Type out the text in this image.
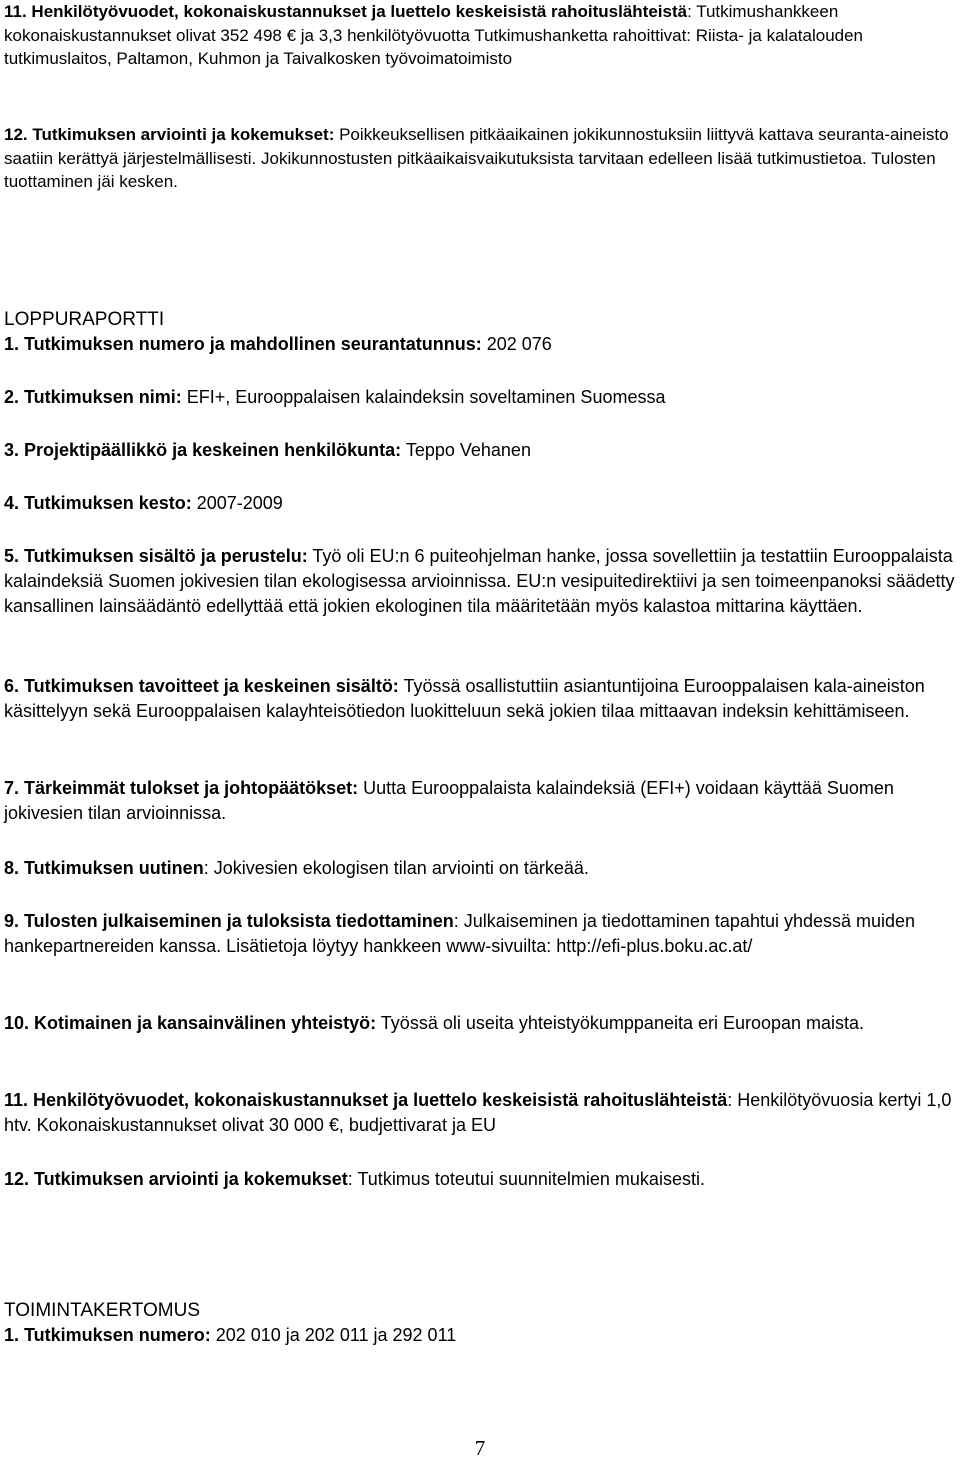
11. Henkilötyövuodet, kokonaiskustannukset ja luettelo keskeisistä rahoituslähteistä: Tutkimushankkeen kokonaiskustannukset olivat 352 498 € ja 3,3 henkilötyövuotta Tutkimushanketta rahoittivat: Riista- ja kalatalouden tutkimuslaitos, Paltamon, Kuhmon ja Taivalkosken työvoimatoimisto

12. Tutkimuksen arviointi ja kokemukset: Poikkeuksellisen pitkäaikainen jokikunnostuksiin liittyvä kattava seuranta-aineisto saatiin kerättyä järjestelmällisesti. Jokikunnostusten pitkäaikaisvaikutuksista tarvitaan edelleen lisää tutkimustietoa. Tulosten tuottaminen jäi kesken.

LOPPURAPORTTI

1. Tutkimuksen numero ja mahdollinen seurantatunnus: 202 076

2. Tutkimuksen nimi: EFI+, Eurooppalaisen kalaindeksin soveltaminen Suomessa

3. Projektipäällikkö ja keskeinen henkilökunta: Teppo Vehanen

4. Tutkimuksen kesto: 2007-2009

5. Tutkimuksen sisältö ja perustelu: Työ oli EU:n 6 puiteohjelman hanke, jossa sovellettiin ja testattiin Eurooppalaista kalaindeksiä Suomen jokivesien tilan ekologisessa arvioinnissa. EU:n vesipuitedirektiivi ja sen toimeenpanoksi säädetty kansallinen lainsäädäntö edellyttää että jokien ekologinen tila määritetään myös kalastoa mittarina käyttäen.

6. Tutkimuksen tavoitteet ja keskeinen sisältö: Työssä osallistuttiin asiantuntijoina Eurooppalaisen kala-aineiston käsittelyyn sekä Eurooppalaisen kalayhteisötiedon luokitteluun sekä jokien tilaa mittaavan indeksin kehittämiseen.

7. Tärkeimmät tulokset ja johtopäätökset: Uutta Eurooppalaista kalaindeksiä (EFI+) voidaan käyttää Suomen jokivesien tilan arvioinnissa.

8. Tutkimuksen uutinen: Jokivesien ekologisen tilan arviointi on tärkeää.

9. Tulosten julkaiseminen ja tuloksista tiedottaminen: Julkaiseminen ja tiedottaminen tapahtui yhdessä muiden hankepartnereiden kanssa. Lisätietoja löytyy hankkeen www-sivuilta: http://efi-plus.boku.ac.at/

10. Kotimainen ja kansainvälinen yhteistyö: Työssä oli useita yhteistyökumppaneita eri Euroopan maista.

11. Henkilötyövuodet, kokonaiskustannukset ja luettelo keskeisistä rahoituslähteistä: Henkilötyövuosia kertyi 1,0 htv. Kokonaiskustannukset olivat 30 000 €, budjettivarat ja EU

12. Tutkimuksen arviointi ja kokemukset: Tutkimus toteutui suunnitelmien mukaisesti.

TOIMINTAKERTOMUS

1. Tutkimuksen numero: 202 010 ja 202 011 ja 292 011

7
